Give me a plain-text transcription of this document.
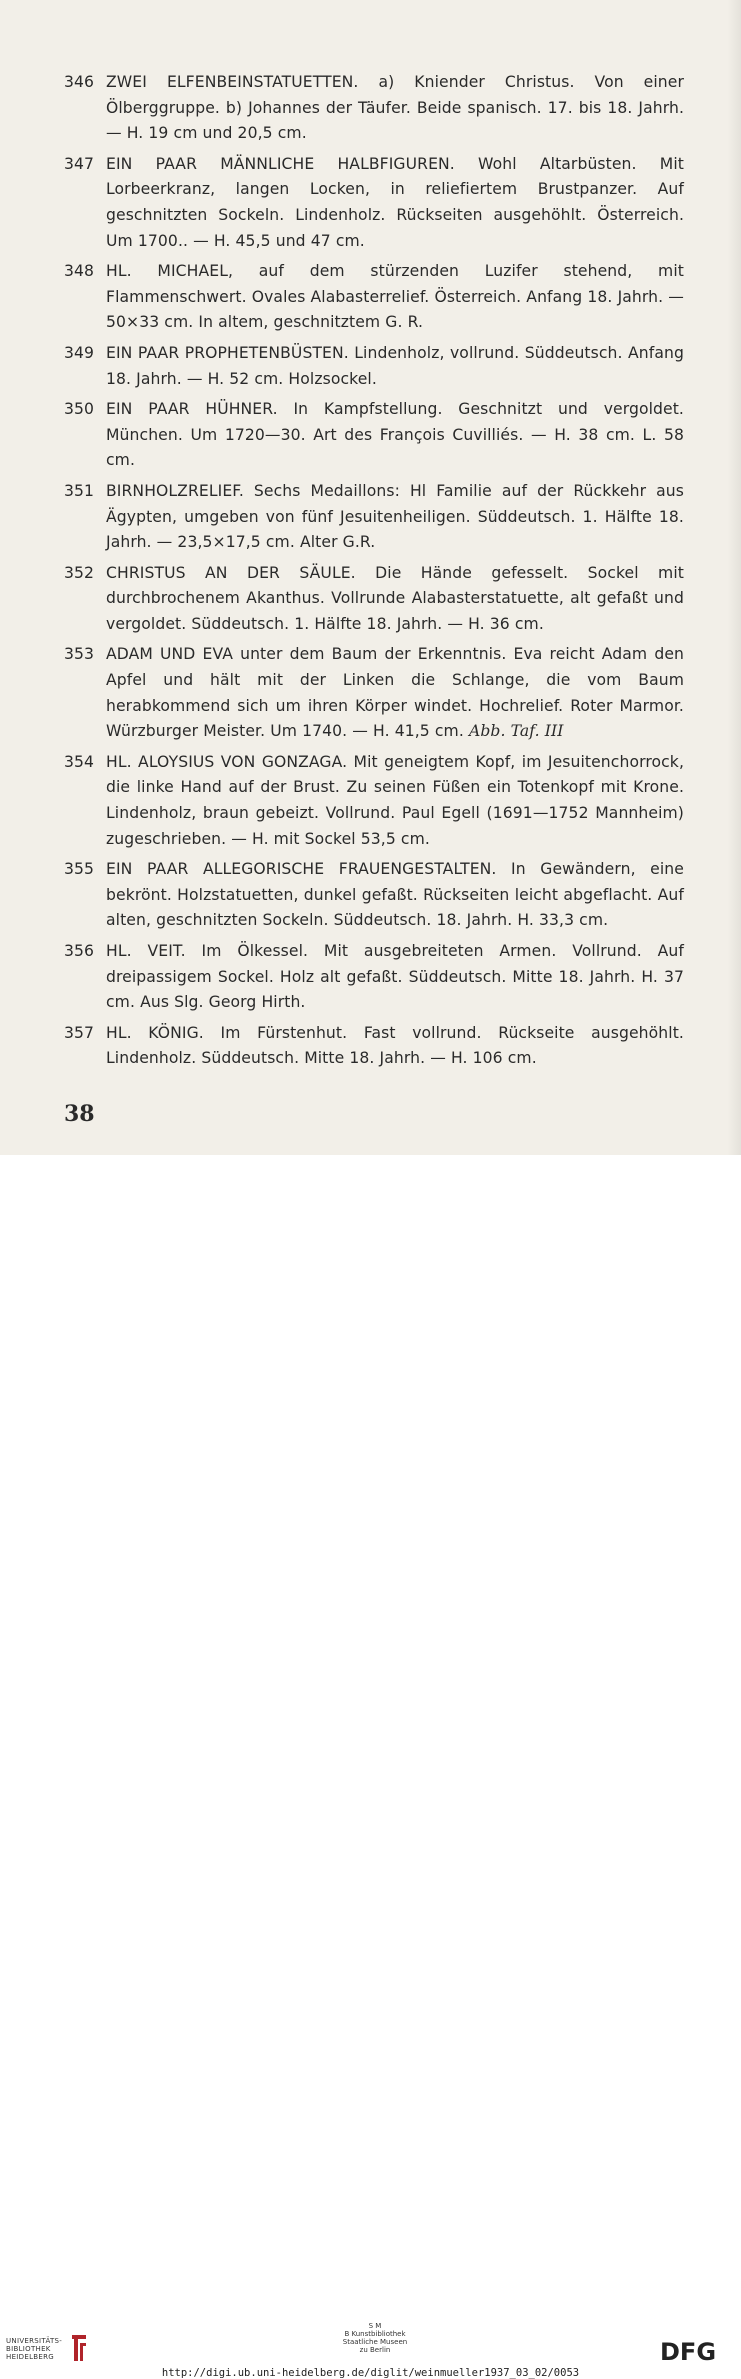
346 ZWEI ELFENBEINSTATUETTEN. a) Kniender Christus. Von einer Ölberggruppe. b) Johannes der Täufer. Beide spanisch. 17. bis 18. Jahrh. — H. 19 cm und 20,5 cm.
347 EIN PAAR MÄNNLICHE HALBFIGUREN. Wohl Altarbüsten. Mit Lorbeerkranz, langen Locken, in reliefiertem Brustpanzer. Auf geschnitzten Sockeln. Lindenholz. Rückseiten ausgehöhlt. Österreich. Um 1700.. — H. 45,5 und 47 cm.
348 HL. MICHAEL, auf dem stürzenden Luzifer stehend, mit Flammenschwert. Ovales Alabasterrelief. Österreich. Anfang 18. Jahrh. — 50×33 cm. In altem, geschnitztem G. R.
349 EIN PAAR PROPHETENBÜSTEN. Lindenholz, vollrund. Süddeutsch. Anfang 18. Jahrh. — H. 52 cm. Holzsockel.
350 EIN PAAR HÜHNER. In Kampfstellung. Geschnitzt und vergoldet. München. Um 1720—30. Art des François Cuvilliés. — H. 38 cm. L. 58 cm.
351 BIRNHOLZRELIEF. Sechs Medaillons: Hl Familie auf der Rückkehr aus Ägypten, umgeben von fünf Jesuitenheiligen. Süddeutsch. 1. Hälfte 18. Jahrh. — 23,5×17,5 cm. Alter G.R.
352 CHRISTUS AN DER SÄULE. Die Hände gefesselt. Sockel mit durchbrochenem Akanthus. Vollrunde Alabasterstatuette, alt gefaßt und vergoldet. Süddeutsch. 1. Hälfte 18. Jahrh. — H. 36 cm.
353 ADAM UND EVA unter dem Baum der Erkenntnis. Eva reicht Adam den Apfel und hält mit der Linken die Schlange, die vom Baum herabkommend sich um ihren Körper windet. Hochrelief. Roter Marmor. Würzburger Meister. Um 1740. — H. 41,5 cm. Abb. Taf. III
354 HL. ALOYSIUS VON GONZAGA. Mit geneigtem Kopf, im Jesuitenchorrock, die linke Hand auf der Brust. Zu seinen Füßen ein Totenkopf mit Krone. Lindenholz, braun gebeizt. Vollrund. Paul Egell (1691—1752 Mannheim) zugeschrieben. — H. mit Sockel 53,5 cm.
355 EIN PAAR ALLEGORISCHE FRAUENGESTALTEN. In Gewändern, eine bekrönt. Holzstatuetten, dunkel gefaßt. Rückseiten leicht abgeflacht. Auf alten, geschnitzten Sockeln. Süddeutsch. 18. Jahrh. H. 33,3 cm.
356 HL. VEIT. Im Ölkessel. Mit ausgebreiteten Armen. Vollrund. Auf dreipassigem Sockel. Holz alt gefaßt. Süddeutsch. Mitte 18. Jahrh. H. 37 cm. Aus Slg. Georg Hirth.
357 HL. KÖNIG. Im Fürstenhut. Fast vollrund. Rückseite ausgehöhlt. Lindenholz. Süddeutsch. Mitte 18. Jahrh. — H. 106 cm.
38
UNIVERSITÄTS-
BIBLIOTHEK
HEIDELBERG
S M
B Kunstbibliothek
Staatliche Museen
zu Berlin	DFG
http://digi.ub.uni-heidelberg.de/diglit/weinmueller1937_03_02/0053
